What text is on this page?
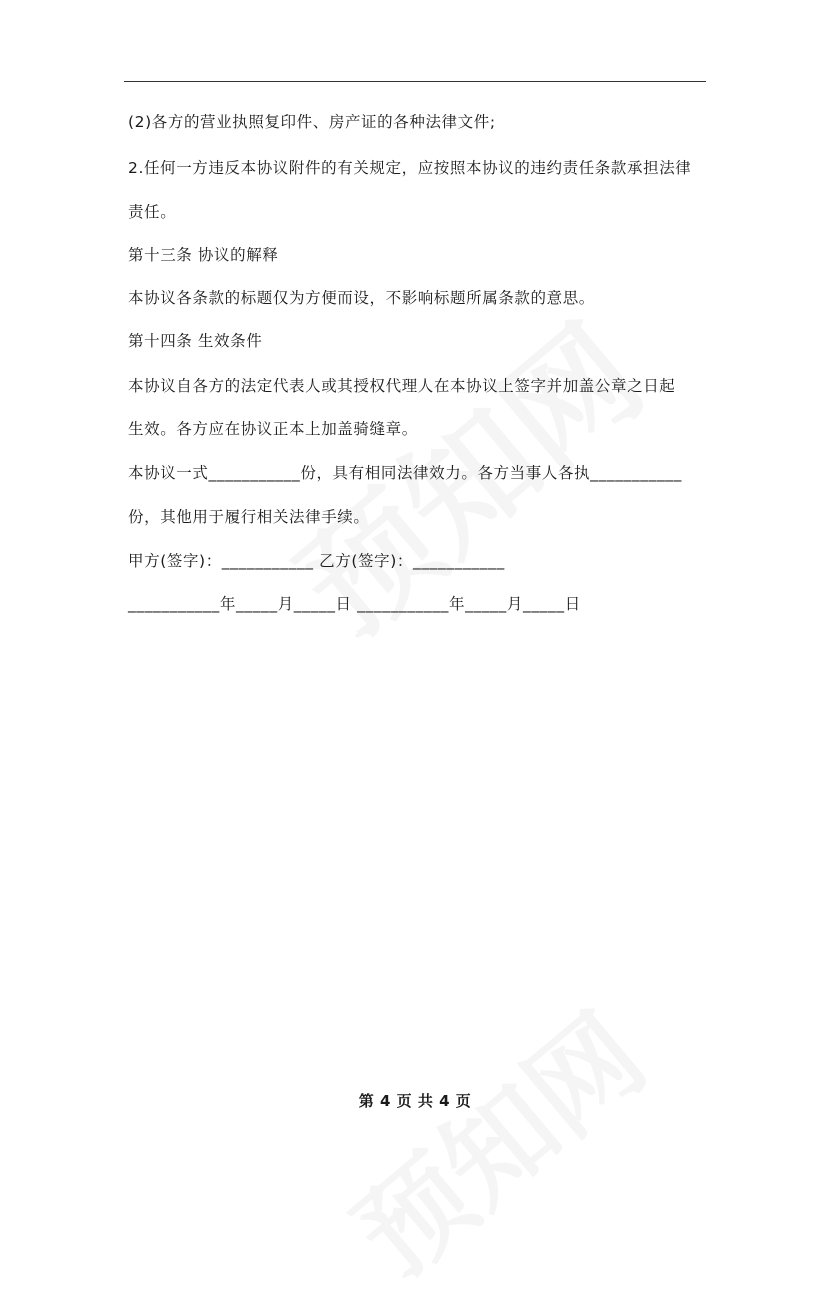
(2)各方的营业执照复印件、房产证的各种法律文件;
2.任何一方违反本协议附件的有关规定，应按照本协议的违约责任条款承担法律
责任。
第十三条 协议的解释
本协议各条款的标题仅为方便而设，不影响标题所属条款的意思。
第十四条 生效条件
本协议自各方的法定代表人或其授权代理人在本协议上签字并加盖公章之日起
生效。各方应在协议正本上加盖骑缝章。
本协议一式___________份，具有相同法律效力。各方当事人各执___________
份，其他用于履行相关法律手续。
甲方(签字)：___________ 乙方(签字)：___________
___________年_____月_____日 ___________年_____月_____日
第 4 页 共 4 页
